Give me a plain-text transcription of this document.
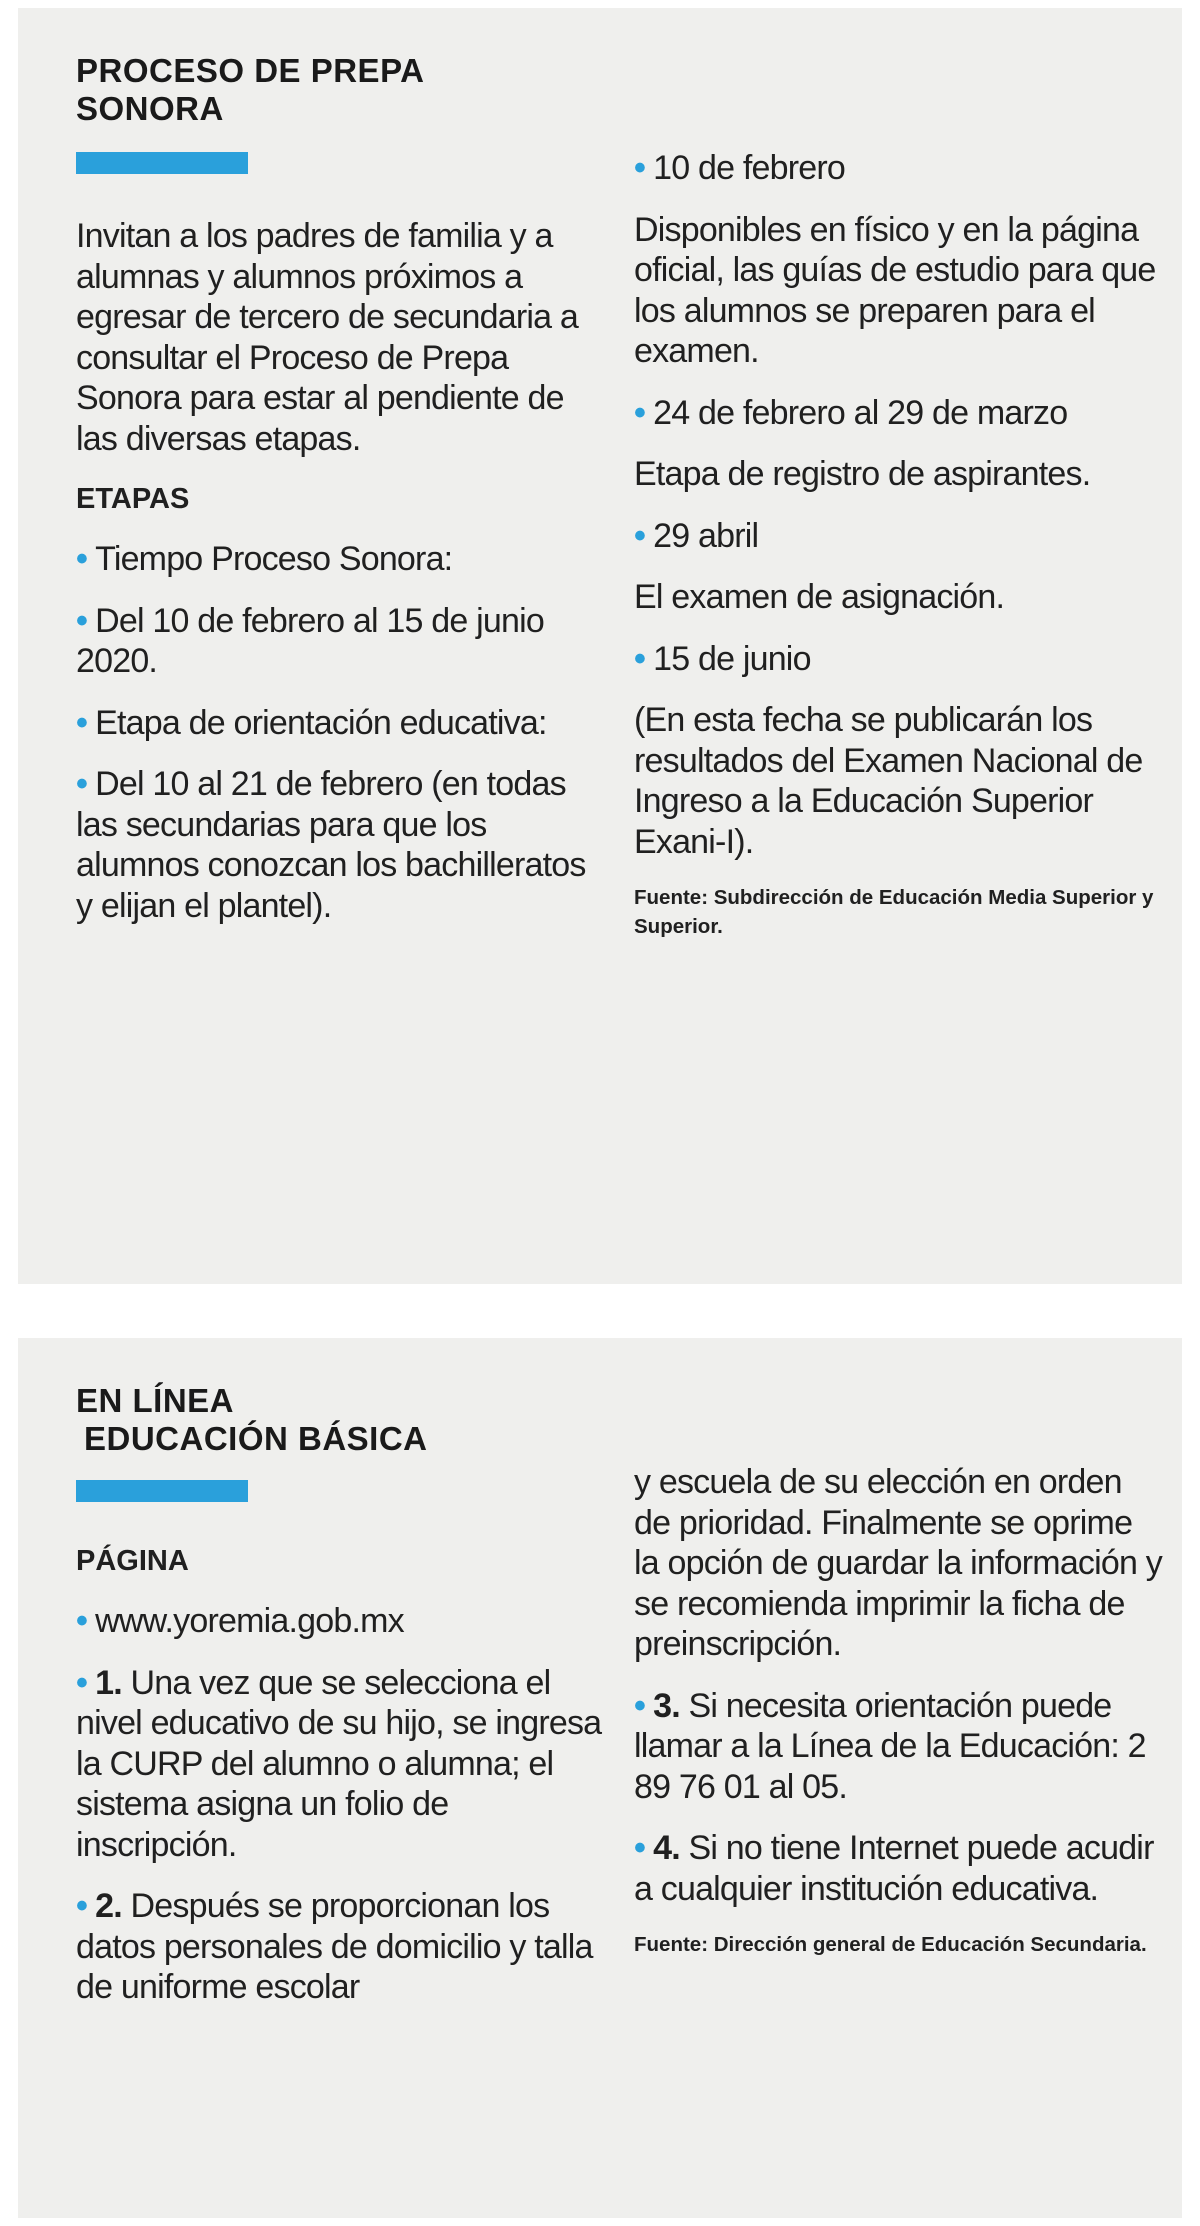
PROCESO DE PREPA
SONORA

Invitan a los padres de familia y a alumnas y alumnos próximos a egresar de tercero de secundaria a consultar el Proceso de Prepa Sonora para estar al pendiente de las diversas etapas.

ETAPAS

• Tiempo Proceso Sonora:

• Del 10 de febrero al 15 de junio 2020.

• Etapa de orientación educativa:

• Del 10 al 21 de febrero (en todas las secundarias para que los alumnos conozcan los bachilleratos y elijan el plantel).

• 10 de febrero

Disponibles en físico y en la página oficial, las guías de estudio para que los alumnos se preparen para el examen.

• 24 de febrero al 29 de marzo

Etapa de registro de aspirantes.

• 29 abril

El examen de asignación.

• 15 de junio

(En esta fecha se publicarán los resultados del Examen Nacional de Ingreso a la Educación Superior Exani-I).

Fuente: Subdirección de Educación Media Superior y Superior.

EN LÍNEA
EDUCACIÓN BÁSICA

PÁGINA

• www.yoremia.gob.mx

• 1. Una vez que se selecciona el nivel educativo de su hijo, se ingresa la CURP del alumno o alumna; el sistema asigna un folio de inscripción.

• 2. Después se proporcionan los datos personales de domicilio y talla de uniforme escolar

y escuela de su elección en orden de prioridad. Finalmente se oprime la opción de guardar la información y se recomienda imprimir la ficha de preinscripción.

• 3. Si necesita orientación puede llamar a la Línea de la Educación: 2 89 76 01 al 05.

• 4. Si no tiene Internet puede acudir a cualquier institución educativa.

Fuente: Dirección general de Educación Secundaria.
